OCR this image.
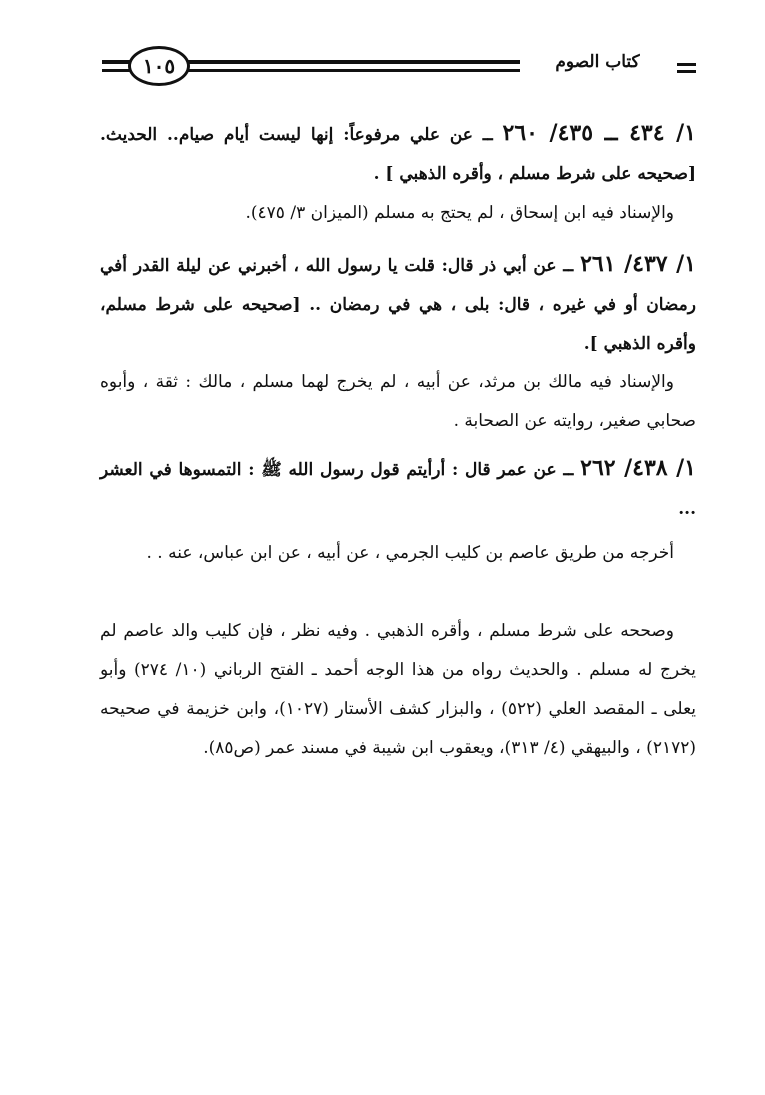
١٠٥	كتاب الصوم

١/ ٤٣٤ ــ ٤٣٥/ ٢٦٠ ــ عن علي مرفوعاً: إنها ليست أيام صيام.. الحديث. [صحيحه على شرط مسلم ، وأقره الذهبي ] .

والإسناد فيه ابن إسحاق ، لم يحتج به مسلم (الميزان ٣/ ٤٧٥).

١/ ٤٣٧/ ٢٦١ ــ عن أبي ذر قال: قلت يا رسول الله ، أخبرني عن ليلة القدر أفي رمضان أو في غيره ، قال: بلى ، هي في رمضان .. [صحيحه على شرط مسلم، وأقره الذهبي ].

والإسناد فيه مالك بن مرثد، عن أبيه ، لم يخرج لهما مسلم ، مالك : ثقة ، وأبوه صحابي صغير، روايته عن الصحابة .

١/ ٤٣٨/ ٢٦٢ ــ عن عمر قال : أرأيتم قول رسول الله ﷺ : التمسوها في العشر ...

أخرجه من طريق عاصم بن كليب الجرمي ، عن أبيه ، عن ابن عباس، عنه . .

وصححه على شرط مسلم ، وأقره الذهبي . وفيه نظر ، فإن كليب والد عاصم لم يخرج له مسلم . والحديث رواه من هذا الوجه أحمد ـ الفتح الرباني (١٠/ ٢٧٤) وأبو يعلى ـ المقصد العلي (٥٢٢) ، والبزار كشف الأستار (١٠٢٧)، وابن خزيمة في صحيحه (٢١٧٢) ، والبيهقي (٤/ ٣١٣)، ويعقوب ابن شيبة في مسند عمر (ص٨٥).
